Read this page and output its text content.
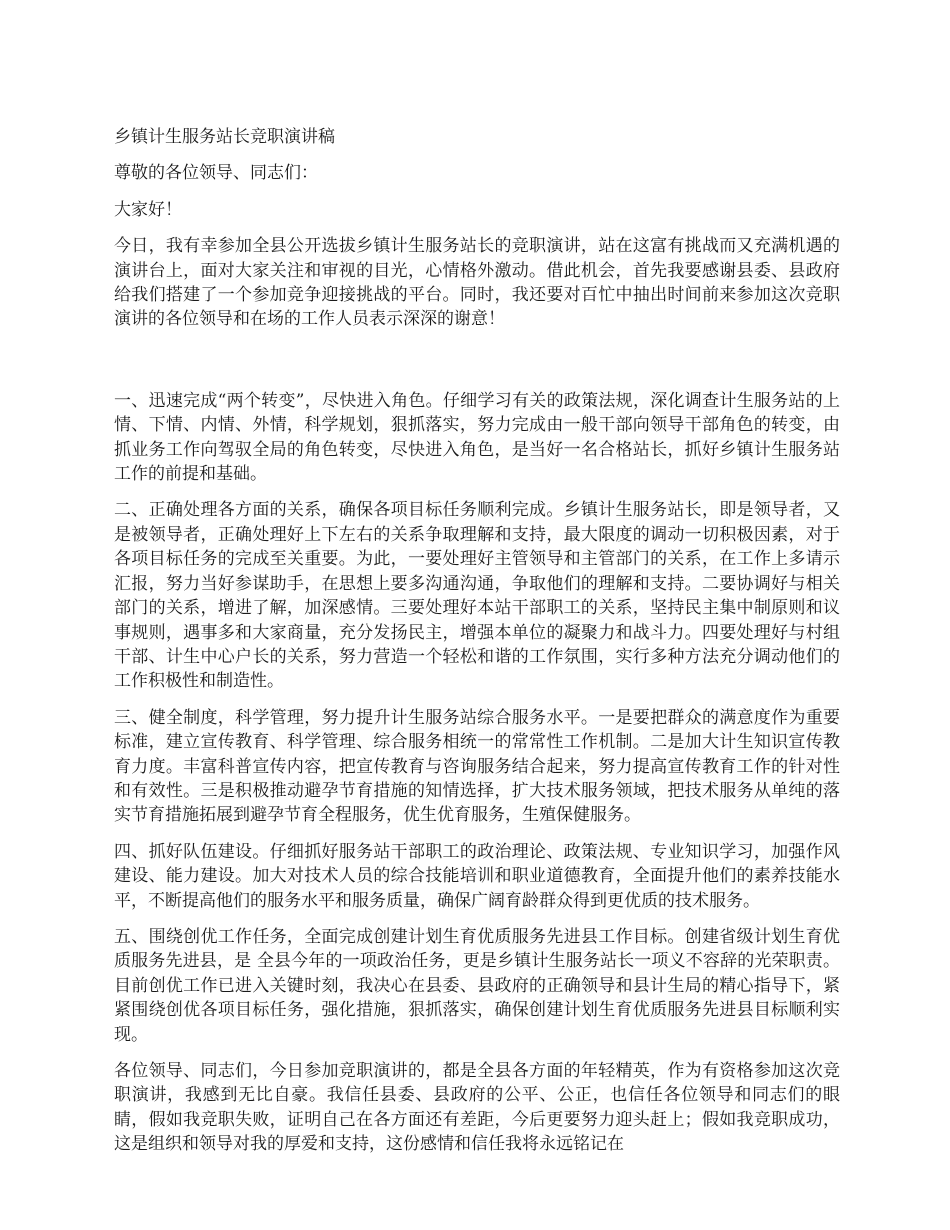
乡镇计生服务站长竞职演讲稿
尊敬的各位领导、同志们：
大家好！

今日，我有幸参加全县公开选拔乡镇计生服务站长的竞职演讲，站在这富有挑战而又充满机遇的演讲台上，面对大家关注和审视的目光，心情格外激动。借此机会，首先我要感谢县委、县政府给我们搭建了一个参加竞争迎接挑战的平台。同时，我还要对百忙中抽出时间前来参加这次竞职演讲的各位领导和在场的工作人员表示深深的谢意！

一、迅速完成“两个转变”，尽快进入角色。仔细学习有关的政策法规，深化调查计生服务站的上情、下情、内情、外情，科学规划，狠抓落实，努力完成由一般干部向领导干部角色的转变，由抓业务工作向驾驭全局的角色转变，尽快进入角色，是当好一名合格站长，抓好乡镇计生服务站工作的前提和基础。

二、正确处理各方面的关系，确保各项目标任务顺利完成。乡镇计生服务站长，即是领导者，又是被领导者，正确处理好上下左右的关系争取理解和支持，最大限度的调动一切积极因素，对于各项目标任务的完成至关重要。为此，一要处理好主管领导和主管部门的关系，在工作上多请示汇报，努力当好参谋助手，在思想上要多沟通沟通，争取他们的理解和支持。二要协调好与相关部门的关系，增进了解，加深感情。三要处理好本站干部职工的关系，坚持民主集中制原则和议事规则，遇事多和大家商量，充分发扬民主，增强本单位的凝聚力和战斗力。四要处理好与村组干部、计生中心户长的关系，努力营造一个轻松和谐的工作氛围，实行多种方法充分调动他们的工作积极性和制造性。

三、健全制度，科学管理，努力提升计生服务站综合服务水平。一是要把群众的满意度作为重要标准，建立宣传教育、科学管理、综合服务相统一的常常性工作机制。二是加大计生知识宣传教育力度。丰富科普宣传内容，把宣传教育与咨询服务结合起来，努力提高宣传教育工作的针对性和有效性。三是积极推动避孕节育措施的知情选择，扩大技术服务领域，把技术服务从单纯的落实节育措施拓展到避孕节育全程服务，优生优育服务，生殖保健服务。

四、抓好队伍建设。仔细抓好服务站干部职工的政治理论、政策法规、专业知识学习，加强作风建设、能力建设。加大对技术人员的综合技能培训和职业道德教育，全面提升他们的素养技能水平，不断提高他们的服务水平和服务质量，确保广阔育龄群众得到更优质的技术服务。

五、围绕创优工作任务，全面完成创建计划生育优质服务先进县工作目标。创建省级计划生育优质服务先进县，是 全县今年的一项政治任务，更是乡镇计生服务站长一项义不容辞的光荣职责。目前创优工作已进入关键时刻，我决心在县委、县政府的正确领导和县计生局的精心指导下，紧紧围绕创优各项目标任务，强化措施，狠抓落实，确保创建计划生育优质服务先进县目标顺利实现。

各位领导、同志们，今日参加竞职演讲的，都是全县各方面的年轻精英，作为有资格参加这次竞职演讲，我感到无比自豪。我信任县委、县政府的公平、公正，也信任各位领导和同志们的眼睛，假如我竞职失败，证明自己在各方面还有差距，今后更要努力迎头赶上；假如我竞职成功，这是组织和领导对我的厚爱和支持，这份感情和信任我将永远铭记在
